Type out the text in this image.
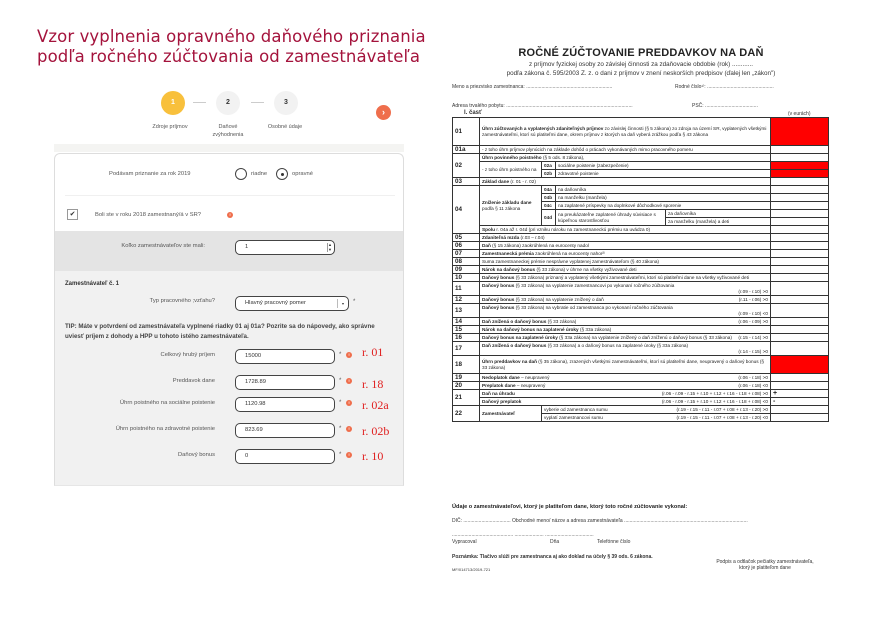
Vzor vyplnenia opravného daňového priznania
podľa ročného zúčtovania od zamestnávateľa
1	2	3
Zdroje príjmov	Daňové zvýhodnenia
Osobné údaje
›
Podávam priznanie za rok 2019	riadne	opravné
✔	Boli ste v roku 2018 zamestnaný/á v SR?	!
Koľko zamestnávateľov ste mali:	1	▲
▼
Zamestnávateľ č. 1
Typ pracovného ;vzťahu?	Hlavný pracovný pomer	▾ *
TIP: Máte v potvrdení od zamestnávateľa vyplnené riadky 01 aj 01a? Pozrite sa do nápovedy, ako správne uviesť príjem z dohody a HPP u tohoto istého zamestnávateľa.
Celkový hrubý príjem	15000	*	!
Preddavok dane	1728.89	*	!
Úhrn poistného na sociálne poistenie	1120.98	*	!
Úhrn poistného na zdravotné poistenie	823.69	*	!
Daňový bonus	0	*	!
r. 01
r. 18
r. 02a
r. 02b
r. 10
ROČNÉ ZÚČTOVANIE PREDDAVKOV NA DAŇ
z príjmov fyzickej osoby zo závislej činnosti za zdaňovacie obdobie (rok) ............
podľa zákona č. 595/2003 Z. z. o dani z príjmov v znení neskorších predpisov (ďalej len „zákon")
Meno a priezvisko zamestnanca: ..............................................................	Rodné číslo¹⁾: ................................................
Adresa trvalého pobytu: ...........................................................................................	PSČ: ......................................
I. časť	(v eurách)
01	Úhrn zúčtovaných a vyplatených zdaniteľných príjmov zo závislej činnosti (§ 5 zákona) zo zdroja na území SR, vyplatených všetkými zamestnávateľmi, ktorí sú platiteľmi dane, okrem príjmov z ktorých sa daň vyberá zrážkou podľa § 43 zákona				
01a	- z toho úhrn príjmov plynúcich na základe dohôd o prácach vykonávaných mimo pracovného pomeru				
02	Úhrn povinného poistného (§ 5 ods. 8 zákona),				
	- z toho úhrn poistného na	02a	sociálne poistenie (zabezpečenie)		
		02b	zdravotné poistenie		
03	Základ dane (r. 01 - r. 02)				
04	Zníženie základu dane
podľa § 11 zákona	04a	na daňovníka		
		04b	na manželku (manžela)		
		04c	na zaplatené príspevky na doplnkové dôchodkové sporenie		
		04d	na preukázateľne zaplatené úhrady súvisiace s kúpeľnou starostlivosťou	za daňovníka	
				za manželku (manžela) a deti	
	Spolu r. 04a až r. 04d (pri vzniku nároku na zamestnaneckú prémiu sa uvádza 0)				
05	Zdaniteľná mzda (r.03 – r.04)				
06	Daň (§ 15 zákona) zaokrúhlená na eurocenty nadol				
07	Zamestnanecká prémia zaokrúhlená na eurocenty nahor²⁾				
08	Suma zamestnaneckej prémie nesprávne vyplatenej zamestnávateľom (§ 40 zákona)				
09	Nárok na daňový bonus (§ 33 zákona) v úhrne na všetky vyživované deti				
10	Daňový bonus (§ 33 zákona) priznaný a vyplatený všetkými zamestnávateľmi, ktorí sú platiteľmi dane na všetky vyživované deti				
11	Daňový bonus (§ 33 zákona) na vyplatenie zamestnancovi po vykonaní ročného zúčtovania

(r.09 - r.10) >0				

12	Daňový bonus (§ 33 zákona) na vyplatenie znížený o daň (r.11 - r.06) >0				

13	Daňový bonus (§ 33 zákona) na vybratie od zamestnanca po vykonaní ročného zúčtovania

(r.09 - r.10) <0				

14	Daň znížená o daňový bonus (§ 33 zákona) (r.06 - r.09) >0				

15	Nárok na daňový bonus na zaplatené úroky (§ 33a zákona)				
16	Daňový bonus na zaplatené úroky (§ 33a zákona) na vyplatenie znížený o daň zníženú o daňový bonus (§ 33 zákona) (r.15 - r.14) >0				

17	Daň znížená o daňový bonus (§ 33 zákona) a o daňový bonus na zaplatené úroky (§ 33a zákona)

(r.14 - r.15) >0				

18	Úhrn preddavkov na daň (§ 35 zákona), zrazených všetkými zamestnávateľmi, ktorí sú platiteľmi dane, neupravený o daňový bonus (§ 33 zákona)				
19	Nedoplatok dane – neupravený (r.06 - r.18) >0				

20	Preplatok dane – neupravený (r.06 - r.18) <0				

21	Daň na úhradu (r.06 - r.09 - r.15 + r.10 + r.12 + r.16 - r.18 + r.08) >0				+
	Daňový preplatok (r.06 - r.09 - r.15 + r.10 + r.12 + r.16 - r.18 + r.08) <0				-
22	Zamestnávateľ	vyberie od zamestnanca sumu (r.19 - r.15 - r.11 - r.07 + r.08 + r.13 - r.20) >0			

		vyplatí zamestnancovi sumu (r.19 - r.15 - r.11 - r.07 + r.08 + r.13 - r.20) <0			

Údaje o zamestnávateľovi, ktorý je platiteľom dane, ktorý toto ročné zúčtovanie vykonal:
DIČ: .................................. Obchodné meno/ názov a adresa zamestnávateľa .........................................................................................
............................................ ..................... ...................................
Vypracoval	Dňa	Telefónne číslo
Poznámka: Tlačivo slúži pre zamestnanca aj ako doklad na účely § 39 ods. 6 zákona.
MF/014713/2019-721
Podpis a odtlačok pečiatky zamestnávateľa,
ktorý je platiteľom dane
